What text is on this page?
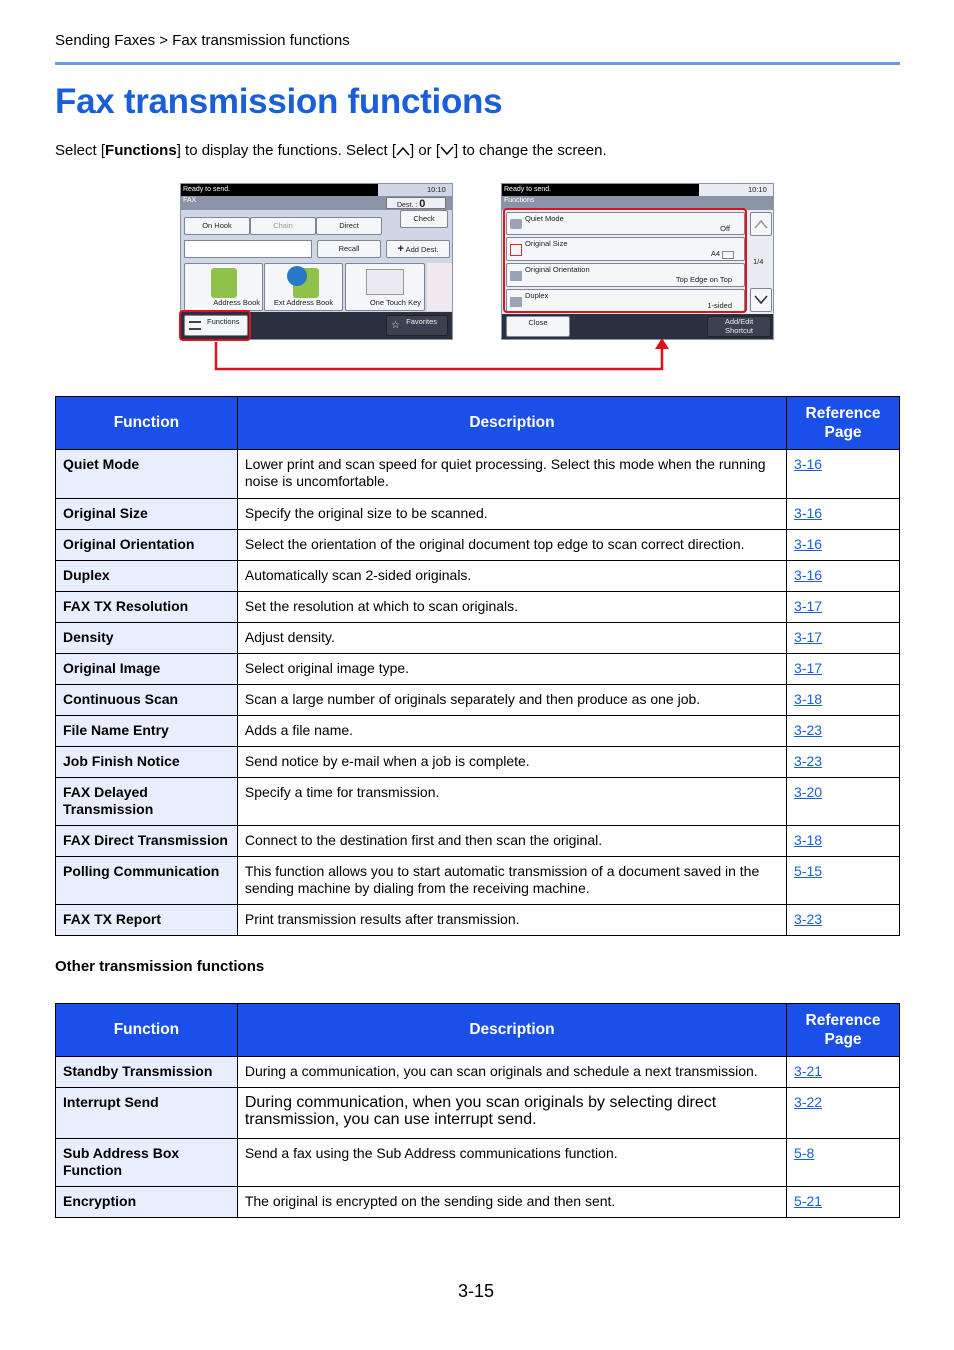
Sending Faxes > Fax transmission functions
Fax transmission functions
Select [Functions] to display the functions. Select [ ] or [ ] to change the screen.
Ready to send.	10:10
FAX
Dest. : 0
Check
On Hook	Chain	Direct
Recall	+ Add Dest.
Address Book	Ext Address Book	One Touch Key
Functions	☆ Favorites
Ready to send.	10:10
Functions
Quiet Mode
Off
Original Size
A4
Original Orientation
Top Edge on Top
Duplex
1-sided
1/4
Close	Add/Edit
Shortcut
Function	Description	Reference
Page
Quiet Mode	Lower print and scan speed for quiet processing. Select this mode when the running noise is uncomfortable.	3-16
Original Size	Specify the original size to be scanned.	3-16
Original Orientation	Select the orientation of the original document top edge to scan correct direction.	3-16
Duplex	Automatically scan 2-sided originals.	3-16
FAX TX Resolution	Set the resolution at which to scan originals.	3-17
Density	Adjust density.	3-17
Original Image	Select original image type.	3-17
Continuous Scan	Scan a large number of originals separately and then produce as one job.	3-18
File Name Entry	Adds a file name.	3-23
Job Finish Notice	Send notice by e-mail when a job is complete.	3-23
FAX Delayed Transmission	Specify a time for transmission.	3-20
FAX Direct Transmission	Connect to the destination first and then scan the original.	3-18
Polling Communication	This function allows you to start automatic transmission of a document saved in the sending machine by dialing from the receiving machine.	5-15
FAX TX Report	Print transmission results after transmission.	3-23
Other transmission functions
Function	Description	Reference
Page
Standby Transmission	During a communication, you can scan originals and schedule a next transmission.	3-21
Interrupt Send	During communication, when you scan originals by selecting direct transmission, you can use interrupt send.	3-22
Sub Address Box Function	Send a fax using the Sub Address communications function.	5-8
Encryption	The original is encrypted on the sending side and then sent.	5-21
3-15
